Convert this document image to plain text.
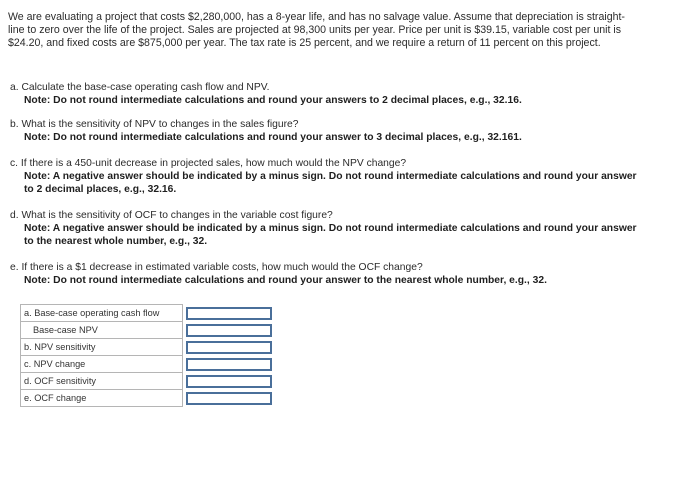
We are evaluating a project that costs $2,280,000, has a 8-year life, and has no salvage value. Assume that depreciation is straight-

line to zero over the life of the project. Sales are projected at 98,300 units per year. Price per unit is $39.15, variable cost per unit is

$24.20, and fixed costs are $875,000 per year. The tax rate is 25 percent, and we require a return of 11 percent on this project.

a. Calculate the base-case operating cash flow and NPV.
Note: Do not round intermediate calculations and round your answers to 2 decimal places, e.g., 32.16.
b. What is the sensitivity of NPV to changes in the sales figure?
Note: Do not round intermediate calculations and round your answer to 3 decimal places, e.g., 32.161.
c. If there is a 450-unit decrease in projected sales, how much would the NPV change?
Note: A negative answer should be indicated by a minus sign. Do not round intermediate calculations and round your answer
to 2 decimal places, e.g., 32.16.
d. What is the sensitivity of OCF to changes in the variable cost figure?
Note: A negative answer should be indicated by a minus sign. Do not round intermediate calculations and round your answer
to the nearest whole number, e.g., 32.
e. If there is a $1 decrease in estimated variable costs, how much would the OCF change?
Note: Do not round intermediate calculations and round your answer to the nearest whole number, e.g., 32.
a. Base-case operating cash flow		

Base-case NPV		

b. NPV sensitivity		

c. NPV change		

d. OCF sensitivity		

e. OCF change		
